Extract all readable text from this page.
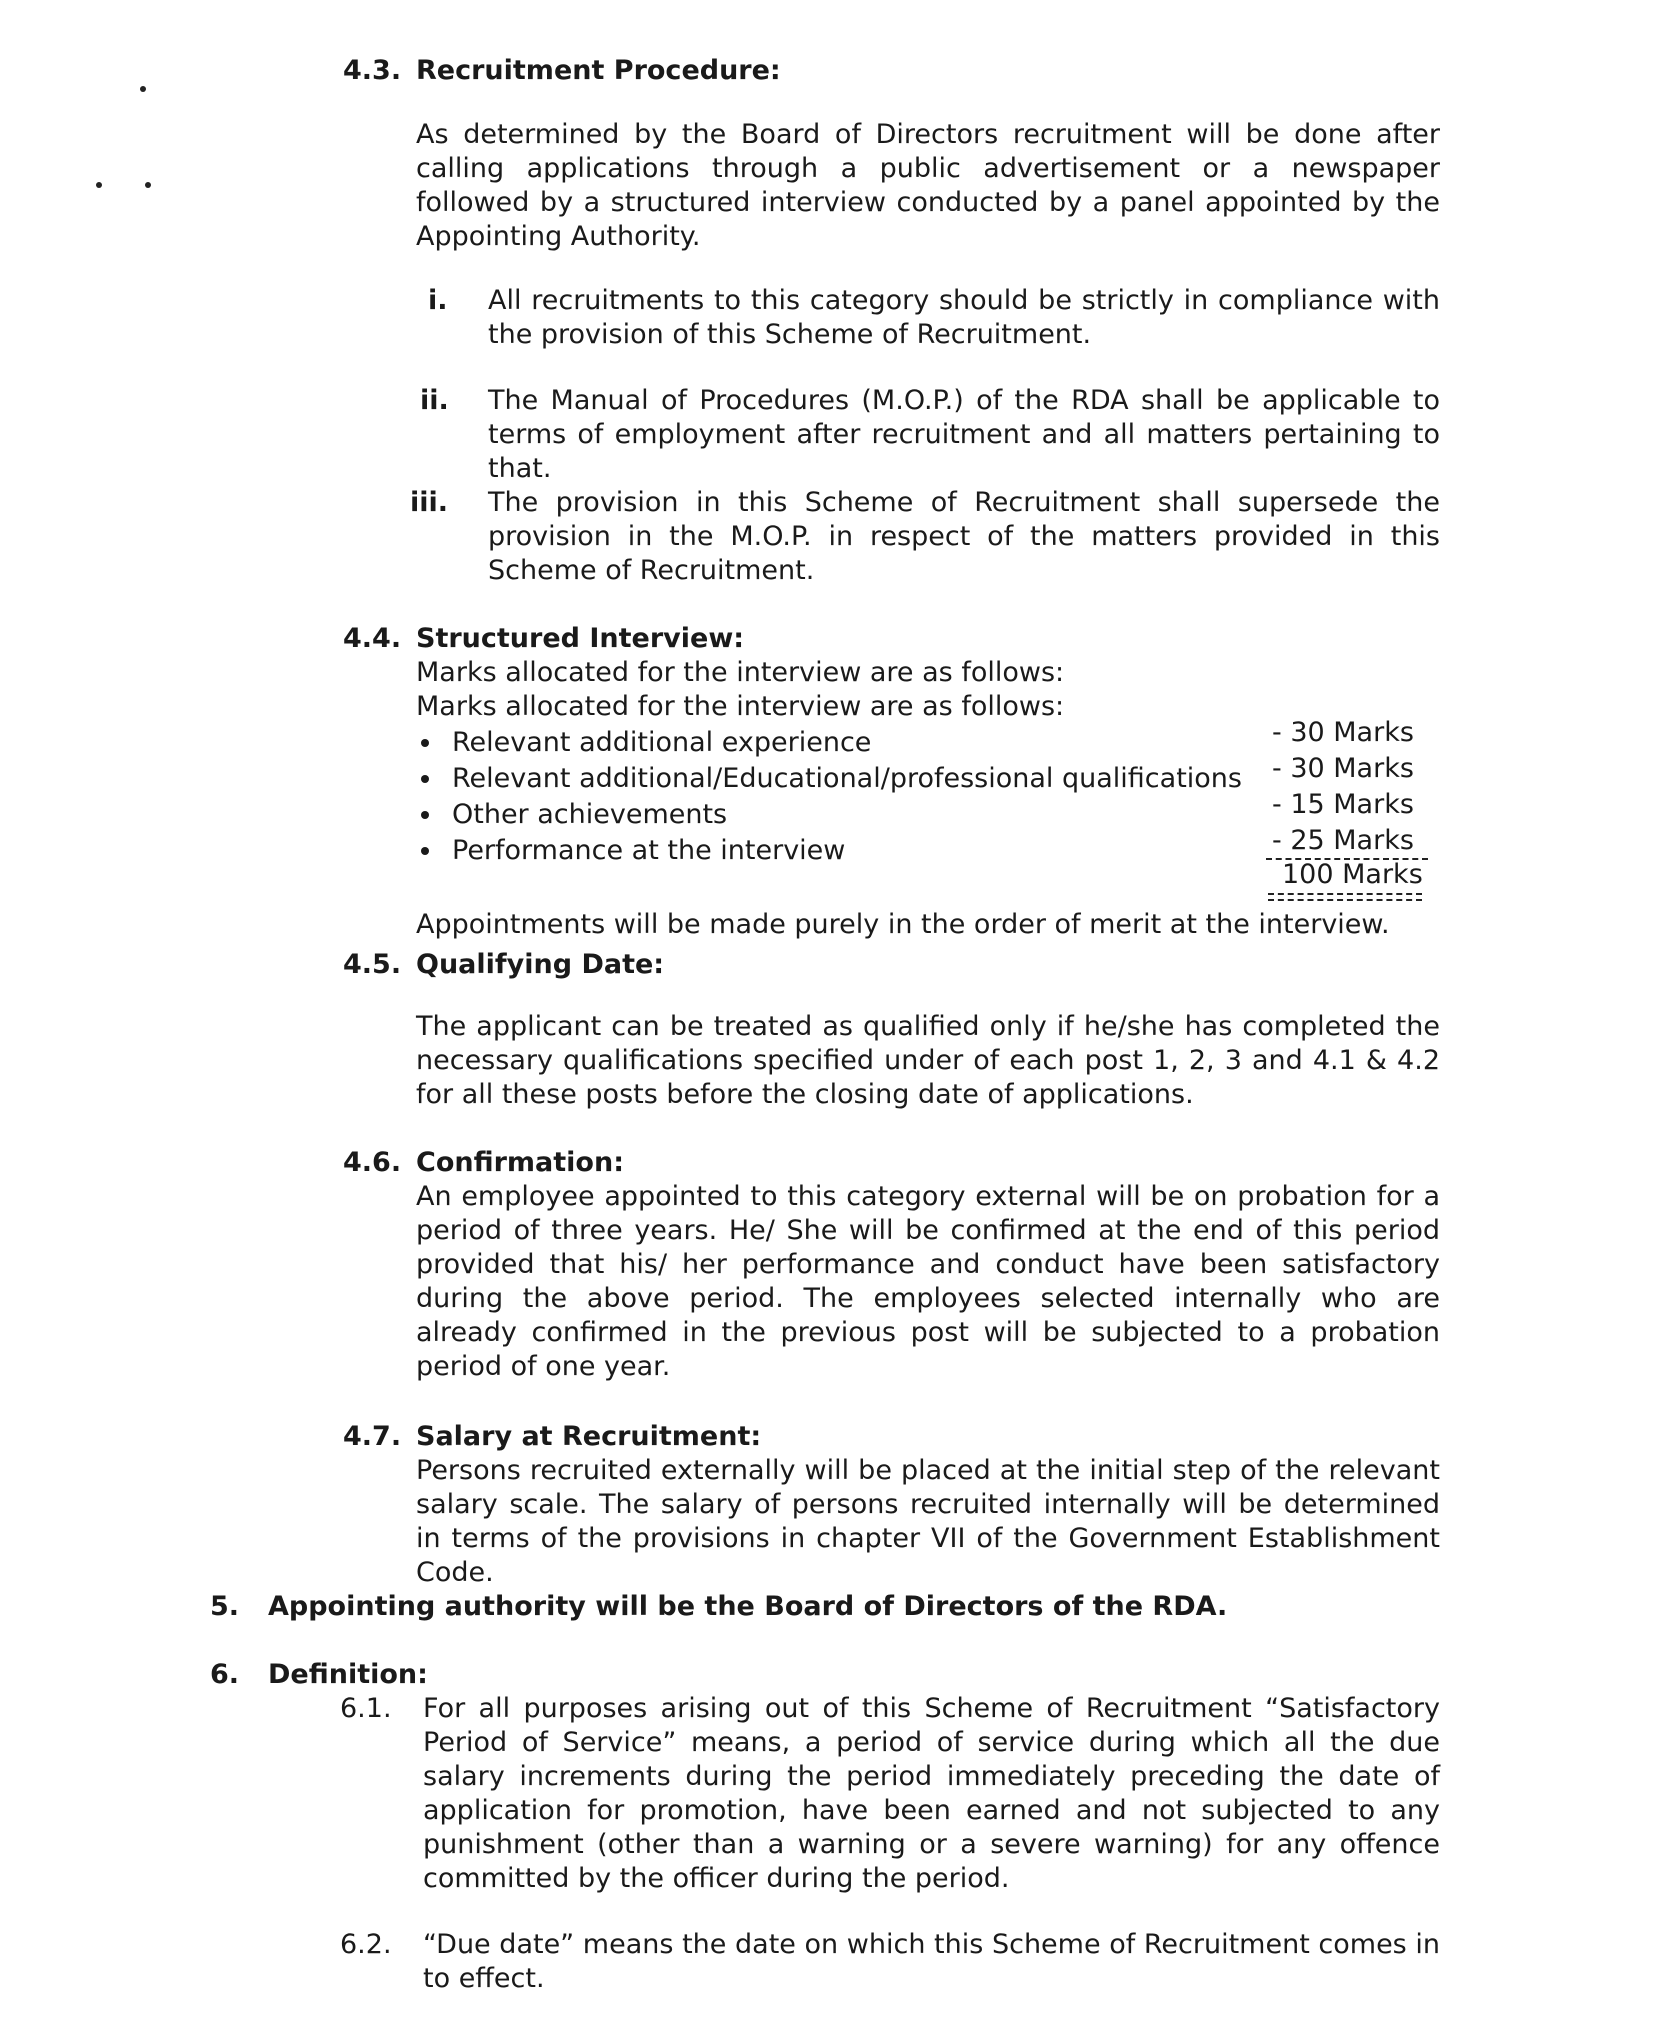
4.3. Recruitment Procedure:
As determined by the Board of Directors recruitment will be done after calling applications through a public advertisement or a newspaper followed by a structured interview conducted by a panel appointed by the Appointing Authority.
i. All recruitments to this category should be strictly in compliance with the provision of this Scheme of Recruitment.
ii. The Manual of Procedures (M.O.P.) of the RDA shall be applicable to terms of employment after recruitment and all matters pertaining to that.
iii. The provision in this Scheme of Recruitment shall supersede the provision in the M.O.P. in respect of the matters provided in this Scheme of Recruitment.
4.4. Structured Interview:
Marks allocated for the interview are as follows:
Marks allocated for the interview are as follows:
Relevant additional experience	- 30 Marks
Relevant additional/Educational/professional qualifications - 30 Marks
Other achievements	- 15 Marks
Performance at the interview	- 25 Marks
100 Marks
Appointments will be made purely in the order of merit at the interview.
4.5. Qualifying Date:
The applicant can be treated as qualified only if he/she has completed the necessary qualifications specified under of each post 1, 2, 3 and 4.1 & 4.2 for all these posts before the closing date of applications.
4.6. Confirmation:
An employee appointed to this category external will be on probation for a period of three years. He/ She will be confirmed at the end of this period provided that his/ her performance and conduct have been satisfactory during the above period. The employees selected internally who are already confirmed in the previous post will be subjected to a probation period of one year.
4.7. Salary at Recruitment:
Persons recruited externally will be placed at the initial step of the relevant salary scale. The salary of persons recruited internally will be determined in terms of the provisions in chapter VII of the Government Establishment Code.
5. Appointing authority will be the Board of Directors of the RDA.
6. Definition:
6.1. For all purposes arising out of this Scheme of Recruitment “Satisfactory Period of Service” means, a period of service during which all the due salary increments during the period immediately preceding the date of application for promotion, have been earned and not subjected to any punishment (other than a warning or a severe warning) for any offence committed by the officer during the period.
6.2. “Due date” means the date on which this Scheme of Recruitment comes in to effect.
